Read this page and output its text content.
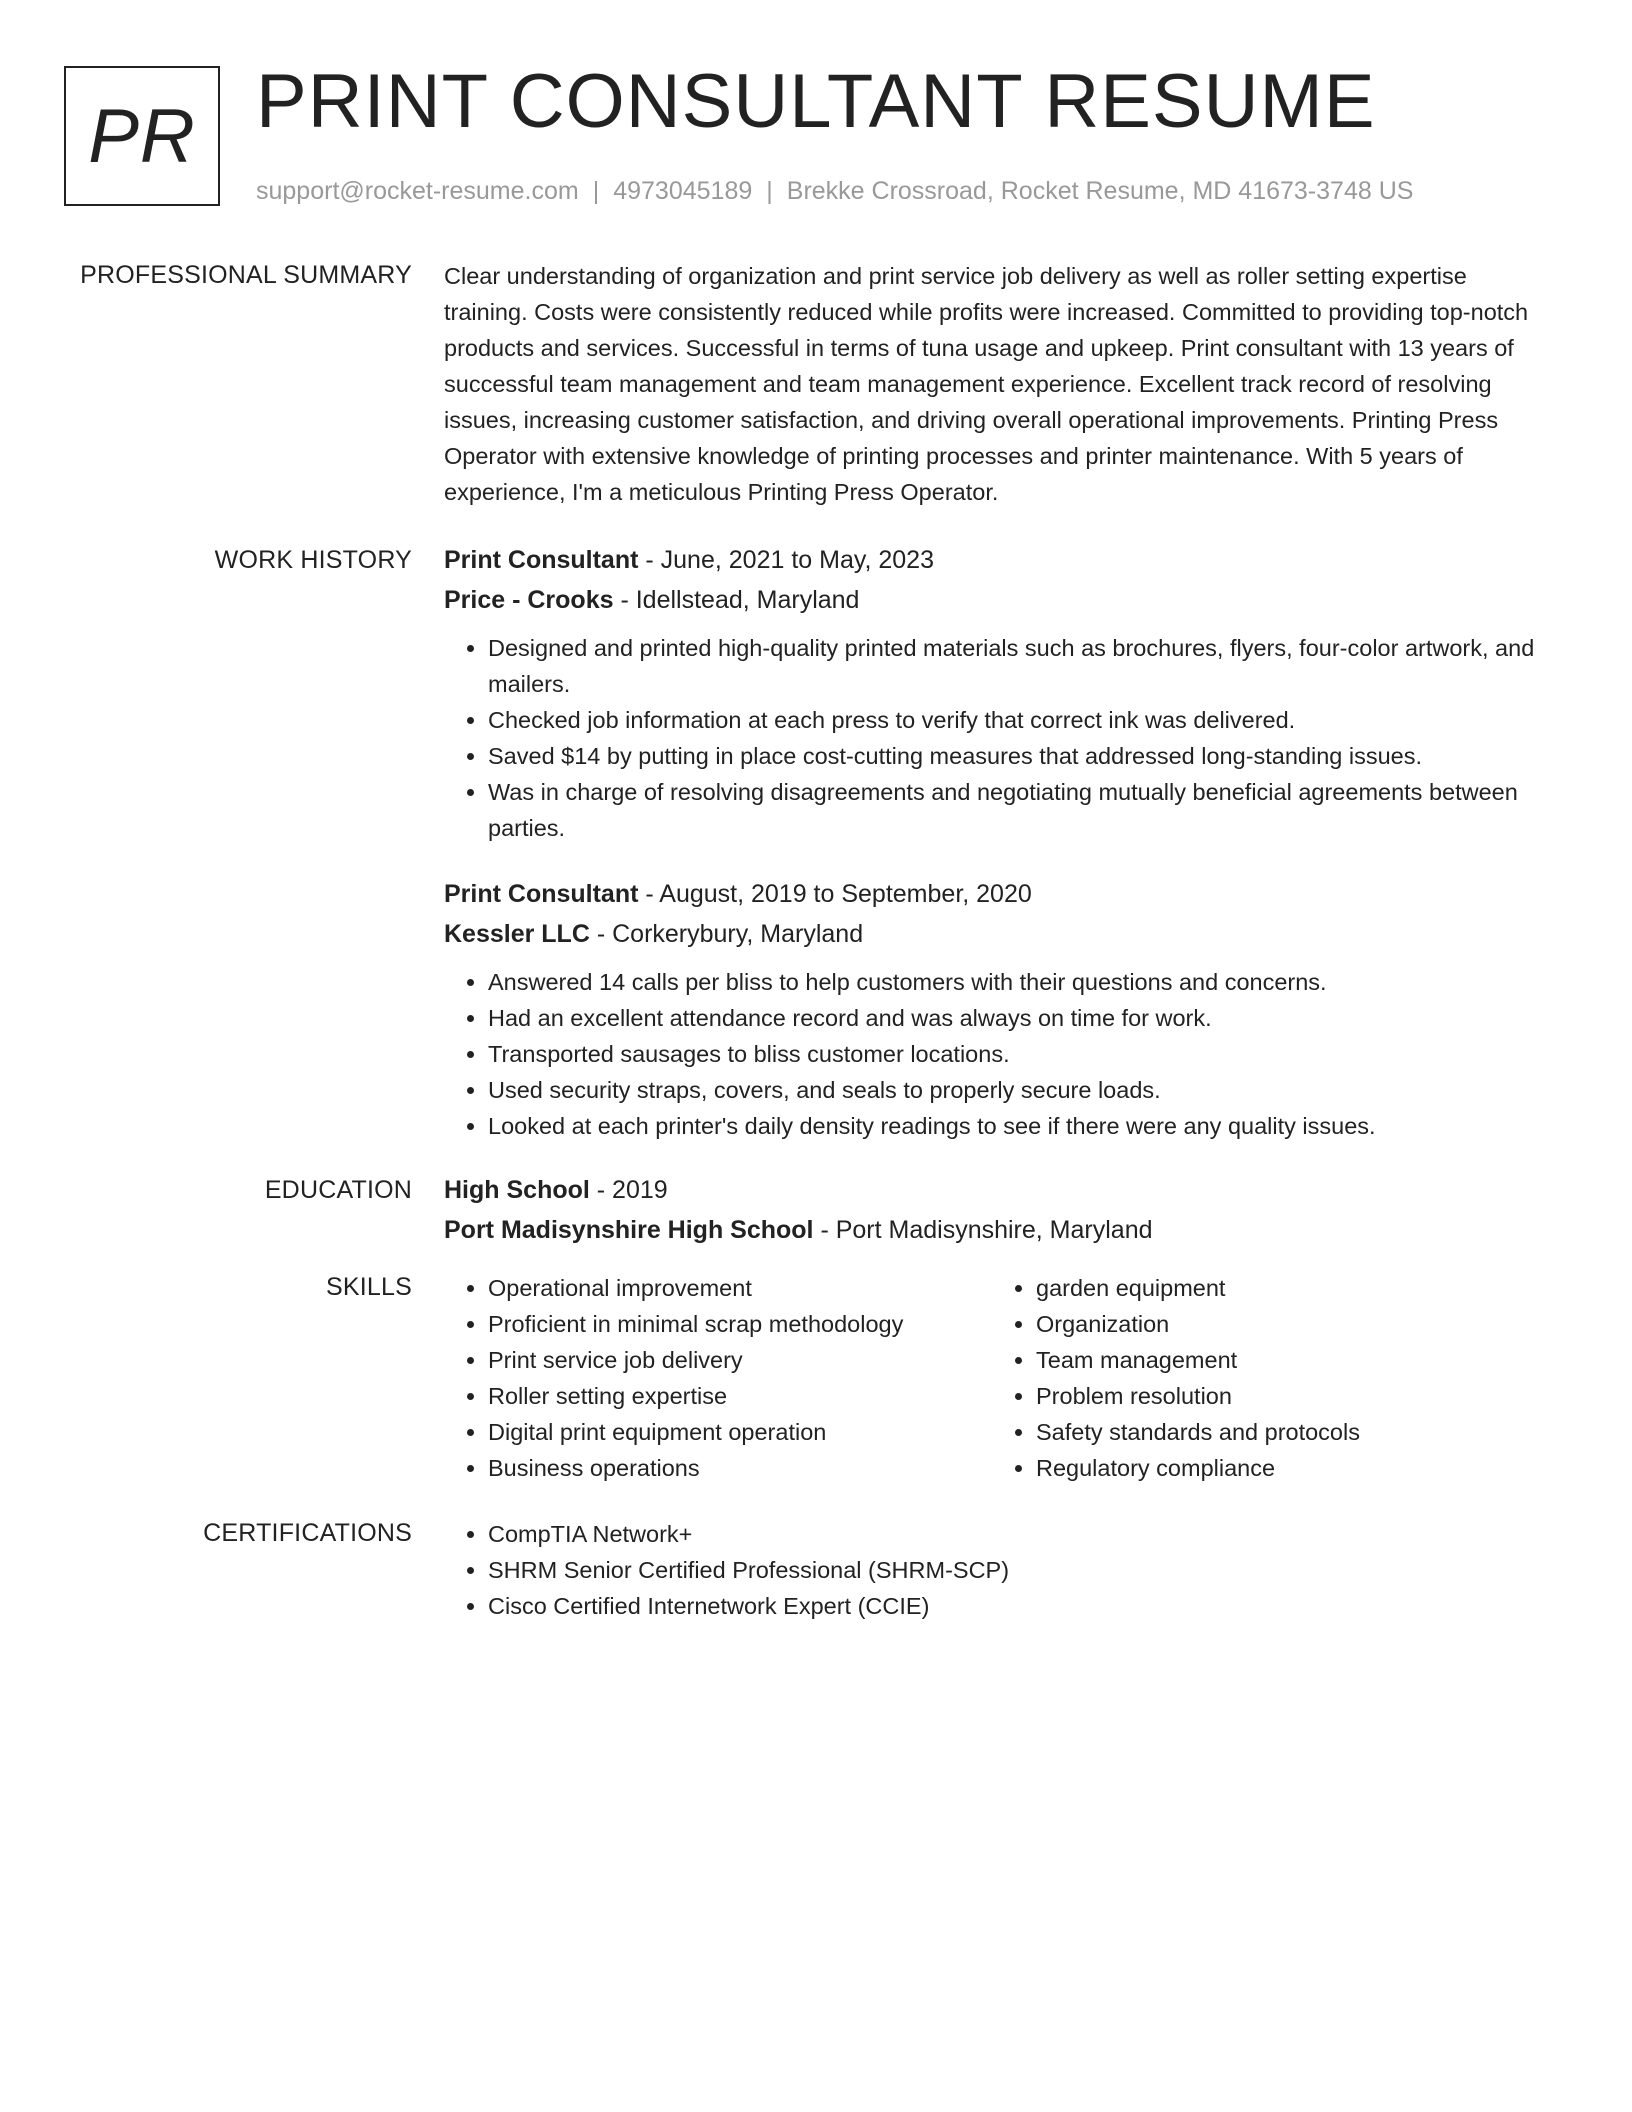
PR PRINT CONSULTANT RESUME
support@rocket-resume.com | 4973045189 | Brekke Crossroad, Rocket Resume, MD 41673-3748 US
PROFESSIONAL SUMMARY Clear understanding of organization and print service job delivery as well as roller setting expertise training. Costs were consistently reduced while profits were increased. Committed to providing top-notch products and services. Successful in terms of tuna usage and upkeep. Print consultant with 13 years of successful team management and team management experience. Excellent track record of resolving issues, increasing customer satisfaction, and driving overall operational improvements. Printing Press Operator with extensive knowledge of printing processes and printer maintenance. With 5 years of experience, I'm a meticulous Printing Press Operator.

WORK HISTORY Print Consultant - June, 2021 to May, 2023
Price - Crooks - Idellstead, Maryland
• Designed and printed high-quality printed materials such as brochures, flyers, four-color artwork, and mailers.
• Checked job information at each press to verify that correct ink was delivered.
• Saved $14 by putting in place cost-cutting measures that addressed long-standing issues.
• Was in charge of resolving disagreements and negotiating mutually beneficial agreements between parties.
Print Consultant - August, 2019 to September, 2020
Kessler LLC - Corkerybury, Maryland
• Answered 14 calls per bliss to help customers with their questions and concerns.
• Had an excellent attendance record and was always on time for work.
• Transported sausages to bliss customer locations.
• Used security straps, covers, and seals to properly secure loads.
• Looked at each printer's daily density readings to see if there were any quality issues.
EDUCATION High School - 2019
Port Madisynshire High School - Port Madisynshire, Maryland
SKILLS	• Operational improvement
• Proficient in minimal scrap methodology
• Print service job delivery
• Roller setting expertise
• Digital print equipment operation
• Business operations
• garden equipment
• Organization
• Team management
• Problem resolution
• Safety standards and protocols
• Regulatory compliance
CERTIFICATIONS	• CompTIA Network+
• SHRM Senior Certified Professional (SHRM-SCP)
• Cisco Certified Internetwork Expert (CCIE)
